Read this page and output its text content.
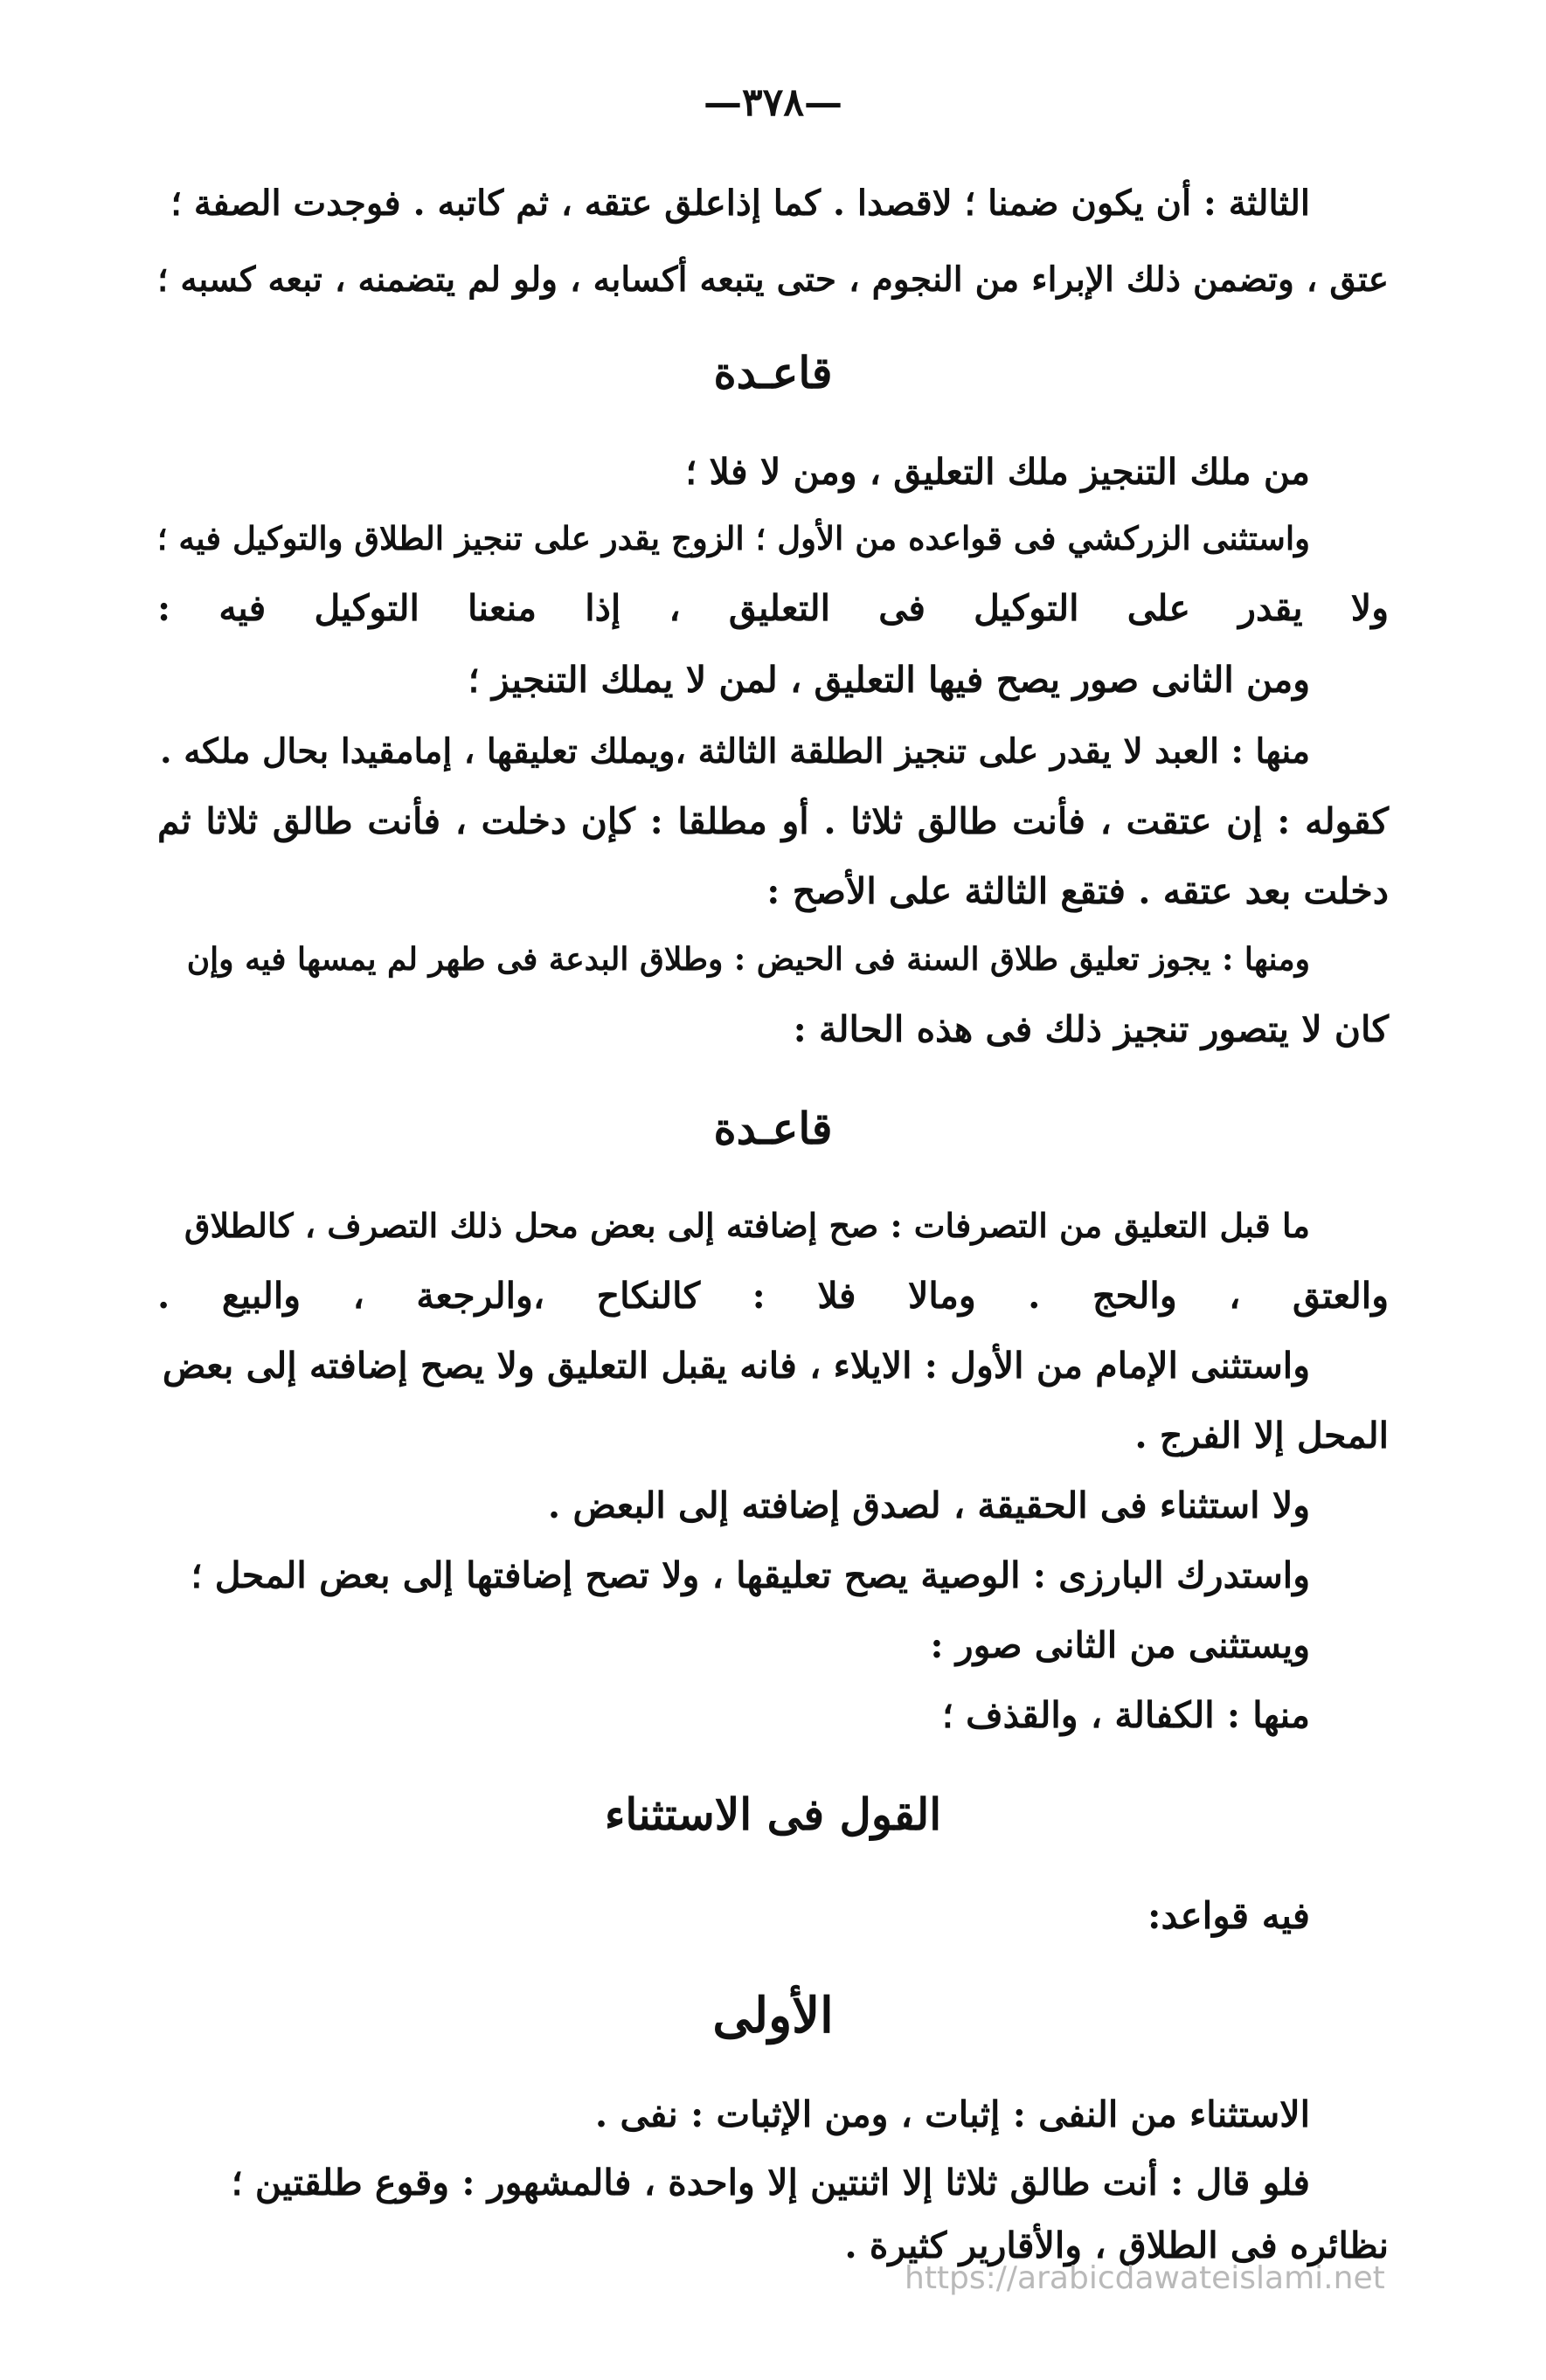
—٣٧٨—
الثالثة : أن يكون ضمنا ؛ لاقصدا . كما إذاعلق عتقه ، ثم كاتبه . فوجدت الصفة ؛
عتق ، وتضمن ذلك الإبراء من النجوم ، حتى يتبعه أكسابه ، ولو لم يتضمنه ، تبعه كسبه ؛
قاعـدة
من ملك التنجيز ملك التعليق ، ومن لا فلا ؛
واستثنى الزركشي فى قواعده من الأول ؛ الزوج يقدر على تنجيز الطلاق والتوكيل فيه ؛
ولا يقدر على التوكيل فى التعليق ، إذا منعنا التوكيل فيه :
ومن الثانى صور يصح فيها التعليق ، لمن لا يملك التنجيز ؛
منها : العبد لا يقدر على تنجيز الطلقة الثالثة ،ويملك تعليقها ، إمامقيدا بحال ملكه .
كقوله : إن عتقت ، فأنت طالق ثلاثا . أو مطلقا : كإن دخلت ، فأنت طالق ثلاثا ثم
دخلت بعد عتقه . فتقع الثالثة على الأصح :
ومنها : يجوز تعليق طلاق السنة فى الحيض : وطلاق البدعة فى طهر لم يمسها فيه وإن
كان لا يتصور تنجيز ذلك فى هذه الحالة :
قاعـدة
ما قبل التعليق من التصرفات : صح إضافته إلى بعض محل ذلك التصرف ، كالطلاق
والعتق ، والحج . ومالا فلا : كالنكاح ،والرجعة ، والبيع .
واستثنى الإمام من الأول : الايلاء ، فانه يقبل التعليق ولا يصح إضافته إلى بعض
المحل إلا الفرج .
ولا استثناء فى الحقيقة ، لصدق إضافته إلى البعض .
واستدرك البارزى : الوصية يصح تعليقها ، ولا تصح إضافتها إلى بعض المحل ؛
ويستثنى من الثانى صور :
منها : الكفالة ، والقذف ؛
القول فى الاستثناء
فيه قواعد:
الأولى
الاستثناء من النفى : إثبات ، ومن الإثبات : نفى .
فلو قال : أنت طالق ثلاثا إلا اثنتين إلا واحدة ، فالمشهور : وقوع طلقتين ؛
نظائره فى الطلاق ، والأقارير كثيرة .
https://arabicdawateislami.net
